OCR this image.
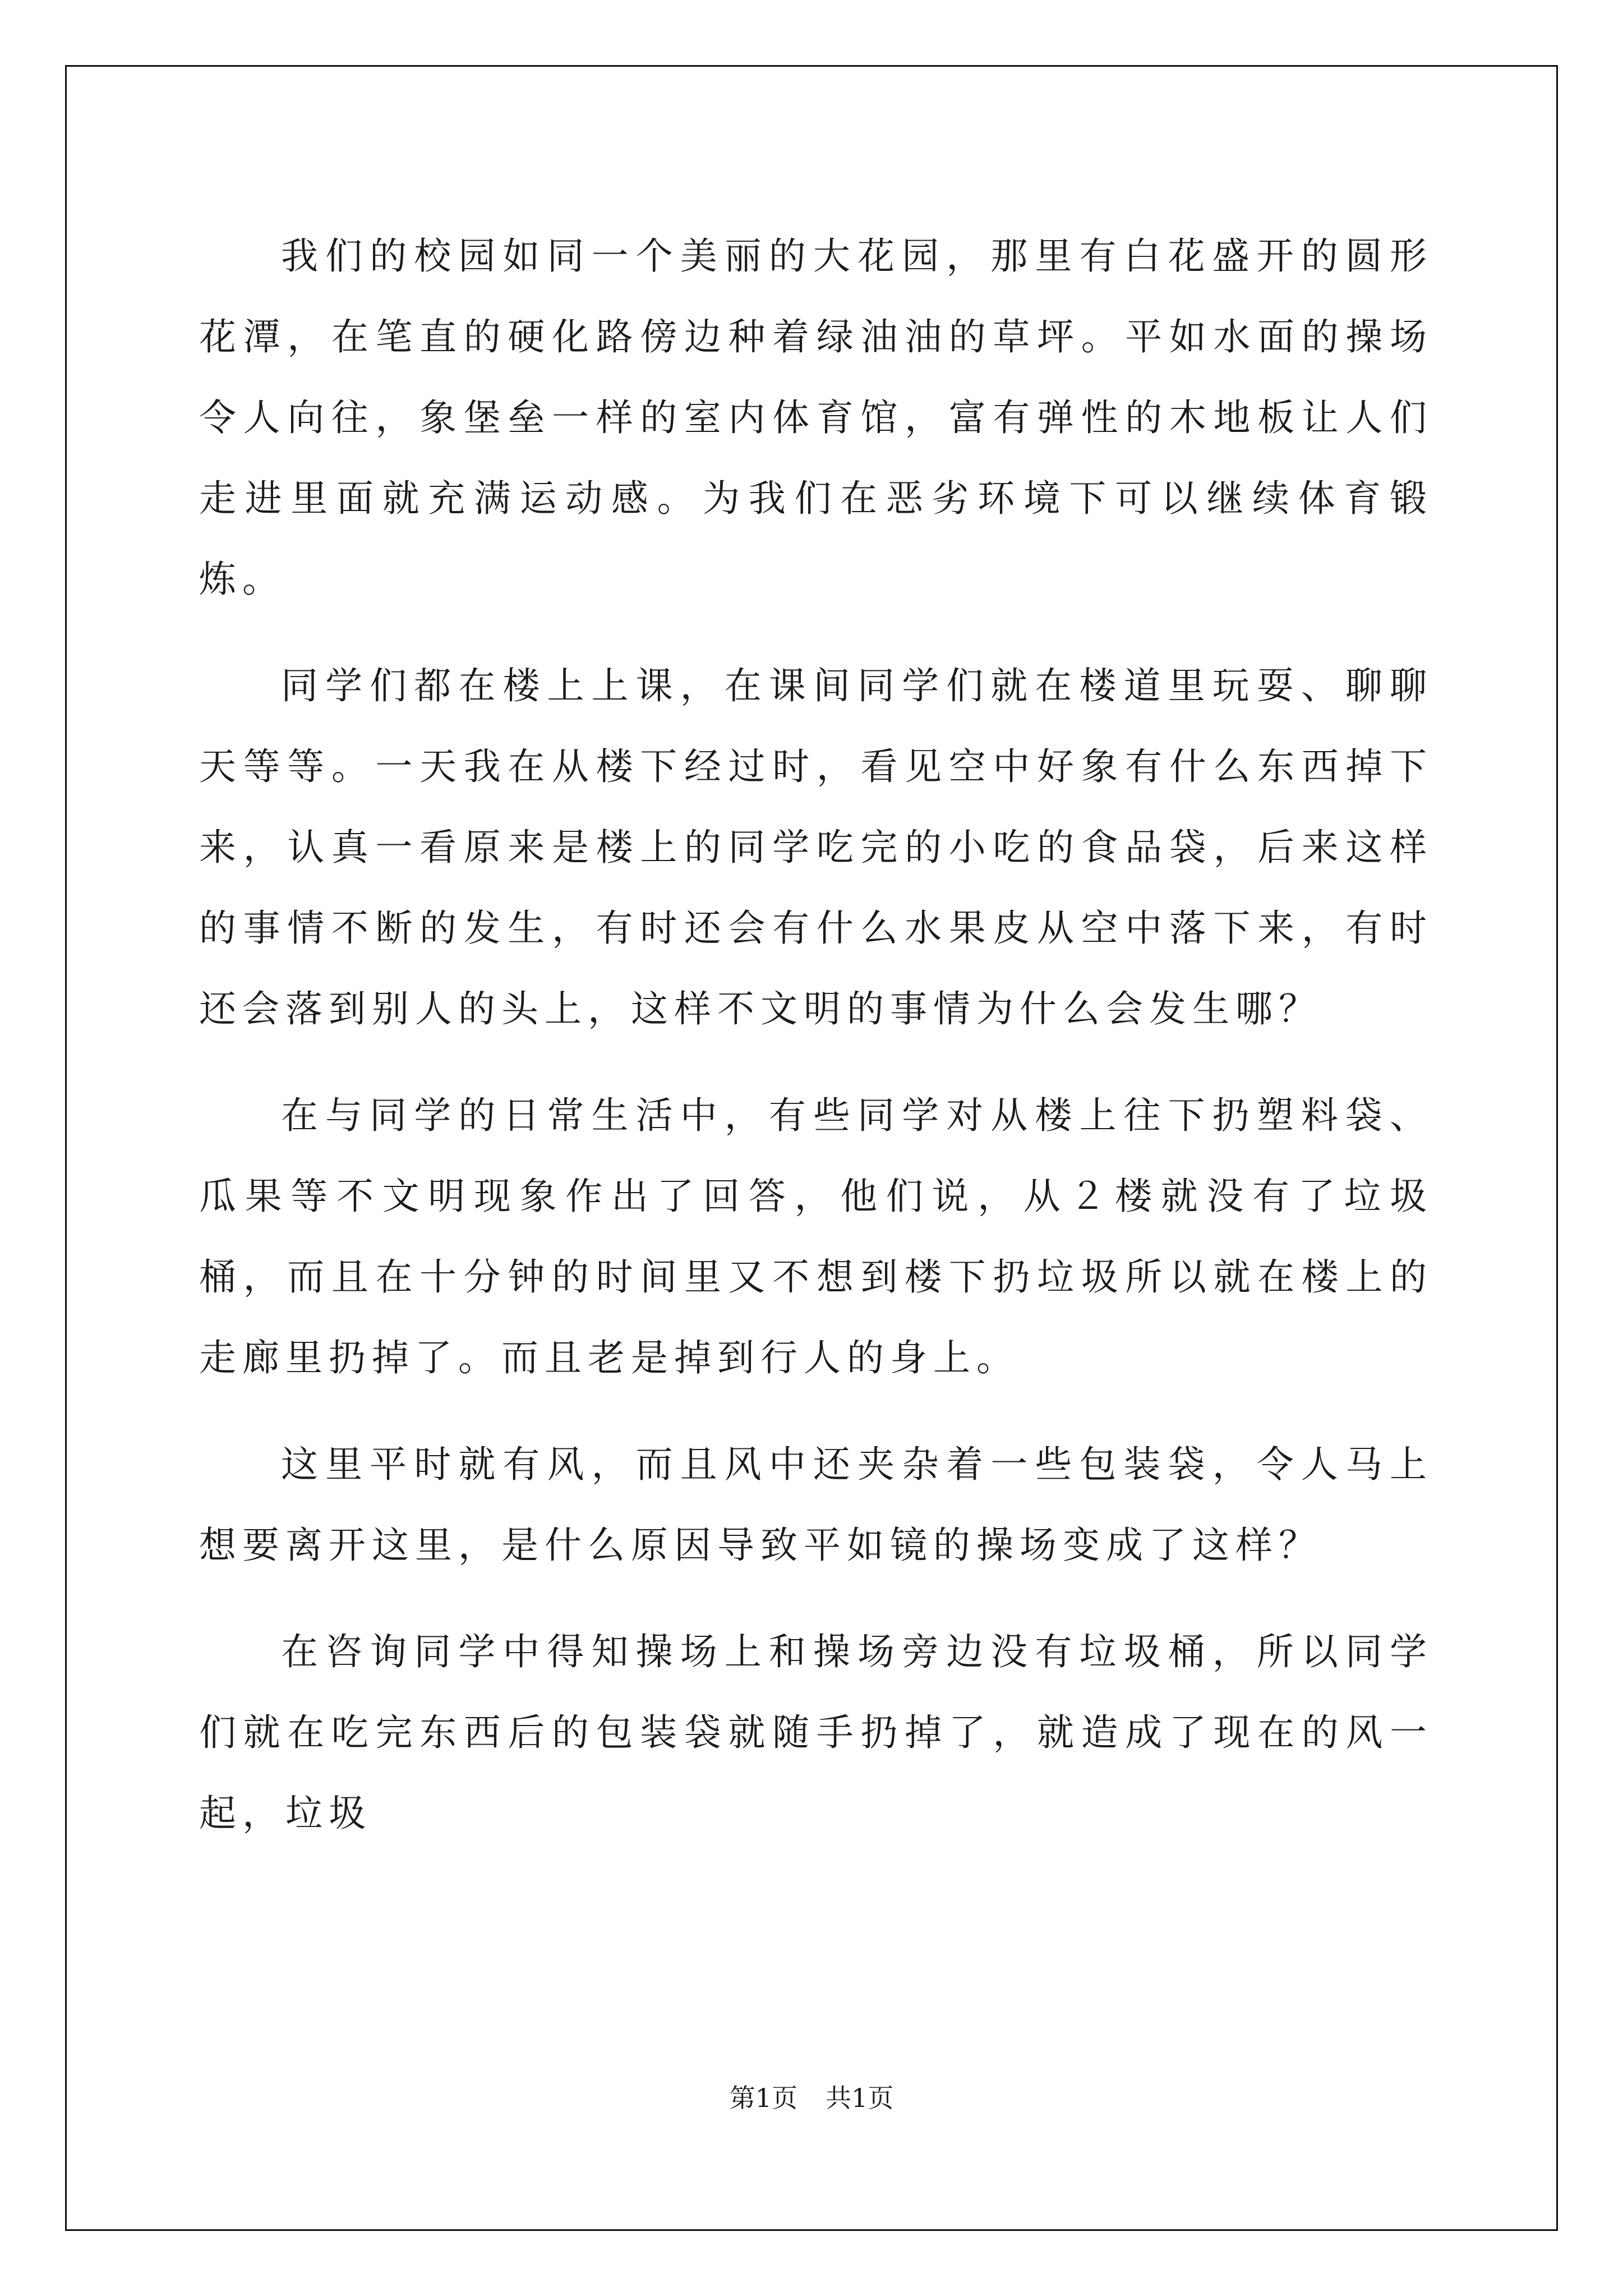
我们的校园如同一个美丽的大花园，那里有白花盛开的圆形花潭，在笔直的硬化路傍边种着绿油油的草坪。平如水面的操场令人向往，象堡垒一样的室内体育馆，富有弹性的木地板让人们走进里面就充满运动感。为我们在恶劣环境下可以继续体育锻炼。

同学们都在楼上上课，在课间同学们就在楼道里玩耍、聊聊天等等。一天我在从楼下经过时，看见空中好象有什么东西掉下来，认真一看原来是楼上的同学吃完的小吃的食品袋，后来这样的事情不断的发生，有时还会有什么水果皮从空中落下来，有时还会落到别人的头上，这样不文明的事情为什么会发生哪？

在与同学的日常生活中，有些同学对从楼上往下扔塑料袋、瓜果等不文明现象作出了回答，他们说，从２楼就没有了垃圾桶，而且在十分钟的时间里又不想到楼下扔垃圾所以就在楼上的走廊里扔掉了。而且老是掉到行人的身上。

这里平时就有风，而且风中还夹杂着一些包装袋，令人马上想要离开这里，是什么原因导致平如镜的操场变成了这样？

在咨询同学中得知操场上和操场旁边没有垃圾桶，所以同学们就在吃完东西后的包装袋就随手扔掉了，就造成了现在的风一起，垃圾

第1页 共1页
